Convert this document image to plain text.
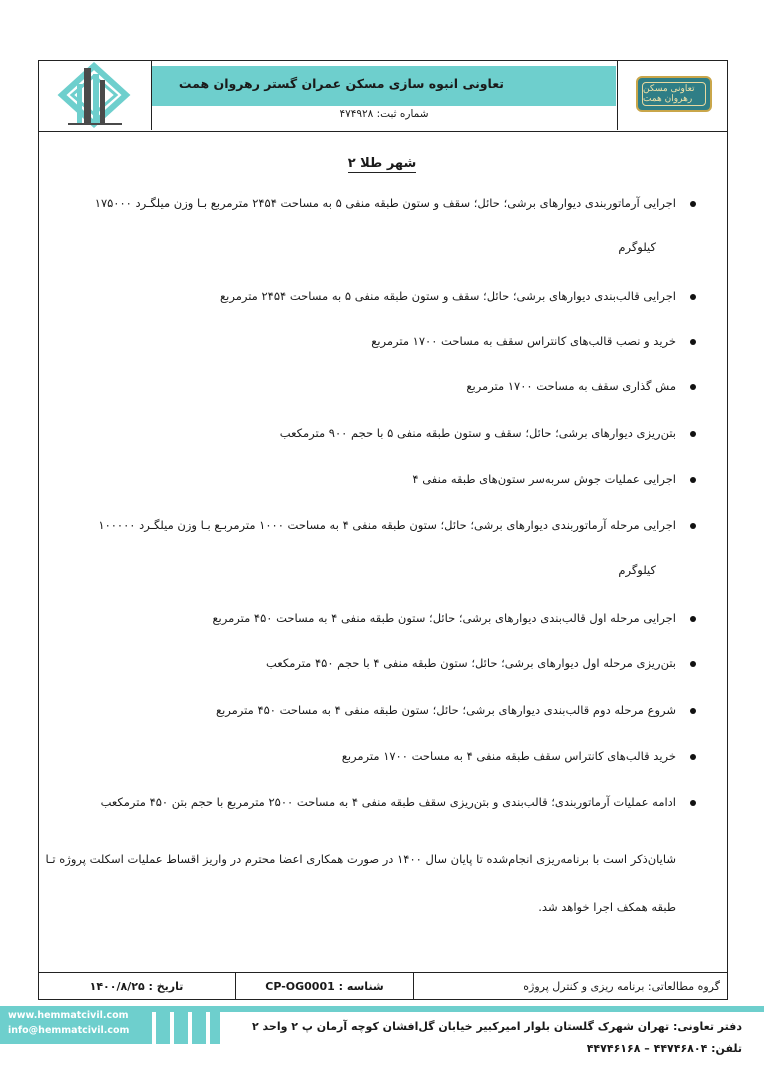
تعاونی انبوه سازی مسکن عمران گستر رهروان همت
شماره ثبت: ۴۷۴۹۲۸
تعاونی مسکن رهروان همت
شهر طلا ۲
اجرایی آرماتوربندی دیوارهای برشی؛ حائل؛ سقف و ستون طبقه منفی ۵ به مساحت ۲۴۵۴ مترمربع بـا وزن میلگـرد ۱۷۵۰۰۰
کیلوگرم
اجرایی قالب‌بندی دیوارهای برشی؛ حائل؛ سقف و ستون طبقه منفی ۵ به مساحت ۲۴۵۴ مترمربع
خرید و نصب قالب‌های کانتراس سقف به مساحت ۱۷۰۰ مترمربع
مش گذاری سقف به مساحت ۱۷۰۰ مترمربع
بتن‌ریزی دیوارهای برشی؛ حائل؛ سقف و ستون طبقه منفی ۵ با حجم ۹۰۰ مترمکعب
اجرایی عملیات جوش سربه‌سر ستون‌های طبقه منفی ۴
اجرایی مرحله آرماتوربندی دیوارهای برشی؛ حائل؛ ستون طبقه منفی ۴ به مساحت ۱۰۰۰ مترمربـع بـا وزن میلگـرد ۱۰۰۰۰۰
کیلوگرم
اجرایی مرحله اول قالب‌بندی دیوارهای برشی؛ حائل؛ ستون طبقه منفی ۴ به مساحت ۴۵۰ مترمربع
بتن‌ریزی مرحله اول دیوارهای برشی؛ حائل؛ ستون طبقه منفی ۴ با حجم ۴۵۰ مترمکعب
شروع مرحله دوم قالب‌بندی دیوارهای برشی؛ حائل؛ ستون طبقه منفی ۴ به مساحت ۴۵۰ مترمربع
خرید قالب‌های کانتراس سقف طبقه منفی ۴ به مساحت ۱۷۰۰ مترمربع
ادامه عملیات آرماتوربندی؛ قالب‌بندی و بتن‌ریزی سقف طبقه منفی ۴ به مساحت ۲۵۰۰ مترمربع با حجم بتن ۴۵۰ مترمکعب
شایان‌ذکر است با برنامه‌ریزی انجام‌شده تا پایان سال ۱۴۰۰ در صورت همکاری اعضا محترم در واریز اقساط عملیات اسکلت پروژه تـا
طبقه همکف اجرا خواهد شد.
گروه مطالعاتی: برنامه ریزی و کنترل پروژه
شناسه : CP-OG0001
تاریخ : ۱۴۰۰/۸/۲۵
www.hemmatcivil.com
info@hemmatcivil.com	دفتر تعاونی: تهران شهرک گلستان بلوار امیرکبیر خیابان گل‌افشان کوچه آرمان پ ۲ واحد ۲
تلفن: ۴۴۷۴۶۸۰۴ – ۴۴۷۴۶۱۶۸
